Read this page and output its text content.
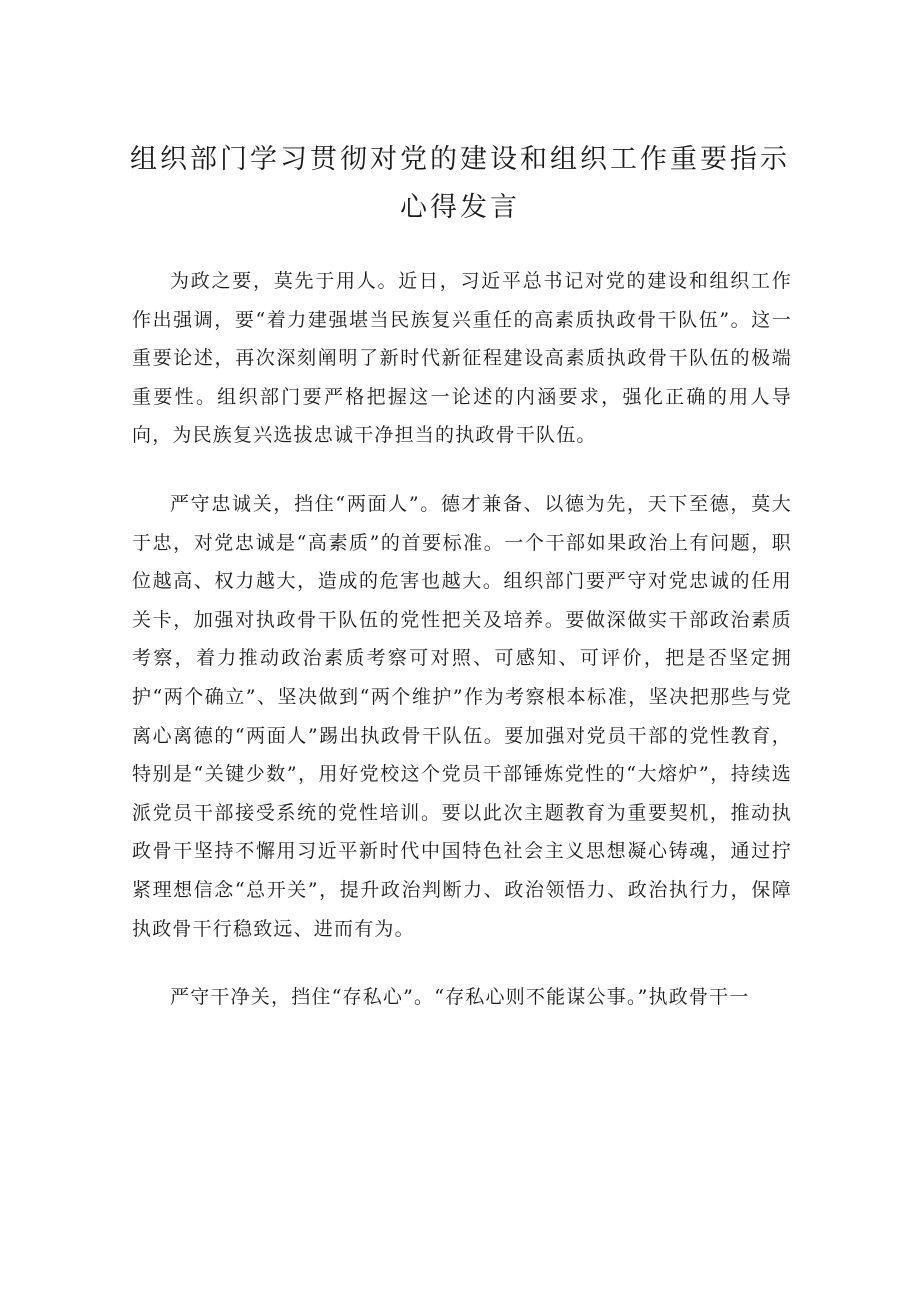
组织部门学习贯彻对党的建设和组织工作重要指示
心得发言

为政之要，莫先于用人。近日，习近平总书记对党的建设和组织工作作出强调，要“着力建强堪当民族复兴重任的高素质执政骨干队伍”。这一重要论述，再次深刻阐明了新时代新征程建设高素质执政骨干队伍的极端重要性。组织部门要严格把握这一论述的内涵要求，强化正确的用人导向，为民族复兴选拔忠诚干净担当的执政骨干队伍。

严守忠诚关，挡住“两面人”。德才兼备、以德为先，天下至德，莫大于忠，对党忠诚是“高素质”的首要标准。一个干部如果政治上有问题，职位越高、权力越大，造成的危害也越大。组织部门要严守对党忠诚的任用关卡，加强对执政骨干队伍的党性把关及培养。要做深做实干部政治素质考察，着力推动政治素质考察可对照、可感知、可评价，把是否坚定拥护“两个确立”、坚决做到“两个维护”作为考察根本标准，坚决把那些与党离心离德的“两面人”踢出执政骨干队伍。要加强对党员干部的党性教育，特别是“关键少数”，用好党校这个党员干部锤炼党性的“大熔炉”，持续选派党员干部接受系统的党性培训。要以此次主题教育为重要契机，推动执政骨干坚持不懈用习近平新时代中国特色社会主义思想凝心铸魂，通过拧紧理想信念“总开关”，提升政治判断力、政治领悟力、政治执行力，保障执政骨干行稳致远、进而有为。

严守干净关，挡住“存私心”。“存私心则不能谋公事。”执政骨干一
